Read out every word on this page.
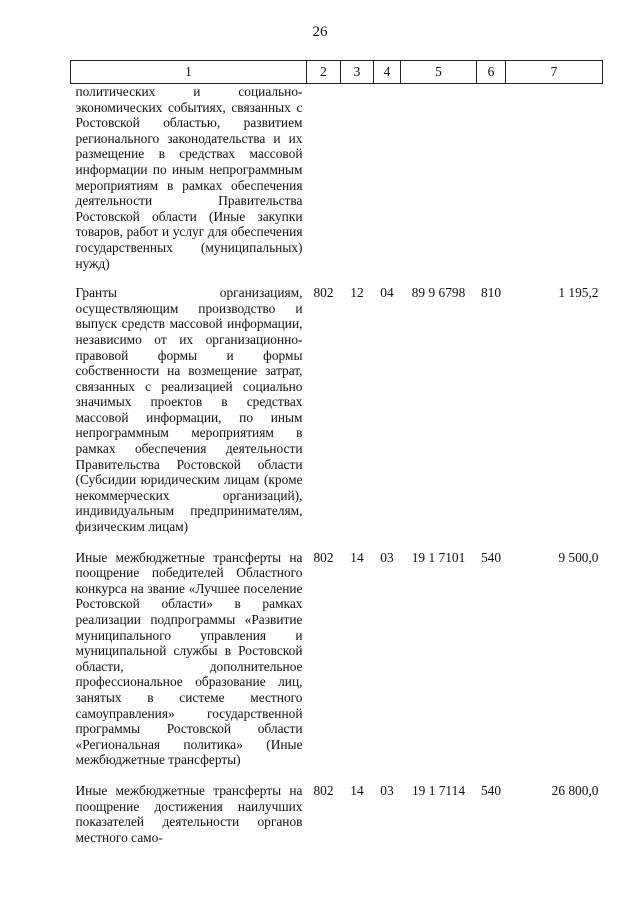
26
1	2	3	4	5	6	7
политических и социально-экономических событиях, связанных с Ростовской областью, развитием регионального законодательства и их размещение в средствах массовой информации по иным непрограммным мероприятиям в рамках обеспечения деятельности Правительства Ростовской области (Иные закупки товаров, работ и услуг для обеспечения государственных (муниципальных) нужд)						
Гранты организациям, осуществляющим производство и выпуск средств массовой информации, независимо от их организационно-правовой формы и формы собственности на возмещение затрат, связанных с реализацией социально значимых проектов в средствах массовой информации, по иным непрограммным мероприятиям в рамках обеспечения деятельности Правительства Ростовской области (Субсидии юридическим лицам (кроме некоммерческих организаций), индивидуальным предпринимателям, физическим лицам)	802	12	04	89 9 6798	810	1 195,2
Иные межбюджетные трансферты на поощрение победителей Областного конкурса на звание «Лучшее поселение Ростовской области» в рамках реализации подпрограммы «Развитие муниципального управления и муниципальной службы в Ростовской области, дополнительное профессиональное образование лиц, занятых в системе местного самоуправления» государственной программы Ростовской области «Региональная политика» (Иные межбюджетные трансферты)	802	14	03	19 1 7101	540	9 500,0
Иные межбюджетные трансферты на поощрение достижения наилучших показателей деятельности органов местного само-	802	14	03	19 1 7114	540	26 800,0
